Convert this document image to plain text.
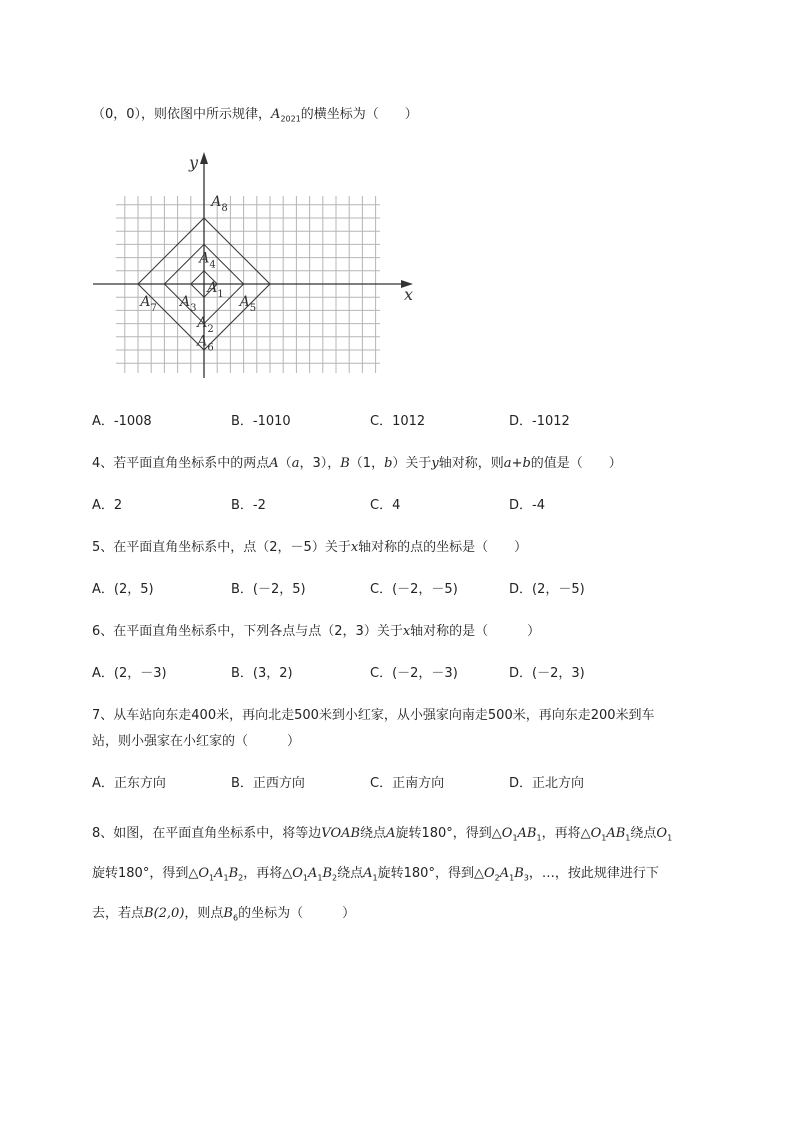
（0，0），则依图中所示规律，$A_{2021}$的横坐标为（　　）
x
y
$A_1$
$A_2$
$A_3$
$A_4$
$A_5$
$A_6$
$A_7$
$A_8$
A．-1008	B．-1010	C．1012	D．-1012
4、若平面直角坐标系中的两点A（a，3），B（1，b）关于y轴对称，则a+b的值是（　　）
A．2	B．-2	C．4	D．-4
5、在平面直角坐标系中，点（2，－5）关于x轴对称的点的坐标是（　　）
A．(2，5)	B．(－2，5)	C．(－2，－5)	D．(2，－5)
6、在平面直角坐标系中，下列各点与点（2，3）关于x轴对称的是（　　　）
A．(2，－3)	B．(3，2)	C．(－2，－3)	D．(－2，3)
7、从车站向东走400米，再向北走500米到小红家，从小强家向南走500米，再向东走200米到车
站，则小强家在小红家的（　　　）
A．正东方向	B．正西方向	C．正南方向	D．正北方向
8、如图，在平面直角坐标系中，将等边VOAB绕点A旋转180°，得到$\triangle O_1AB_1$，再将$\triangle O_1AB_1$绕点$O_1$
旋转180°，得到$\triangle O_1A_1B_2$，再将$\triangle O_1A_1B_2$绕点$A_1$旋转180°，得到$\triangle O_2A_1B_3$，…，按此规律进行下
去，若点B(2,0)，则点$B_6$的坐标为（　　　）
